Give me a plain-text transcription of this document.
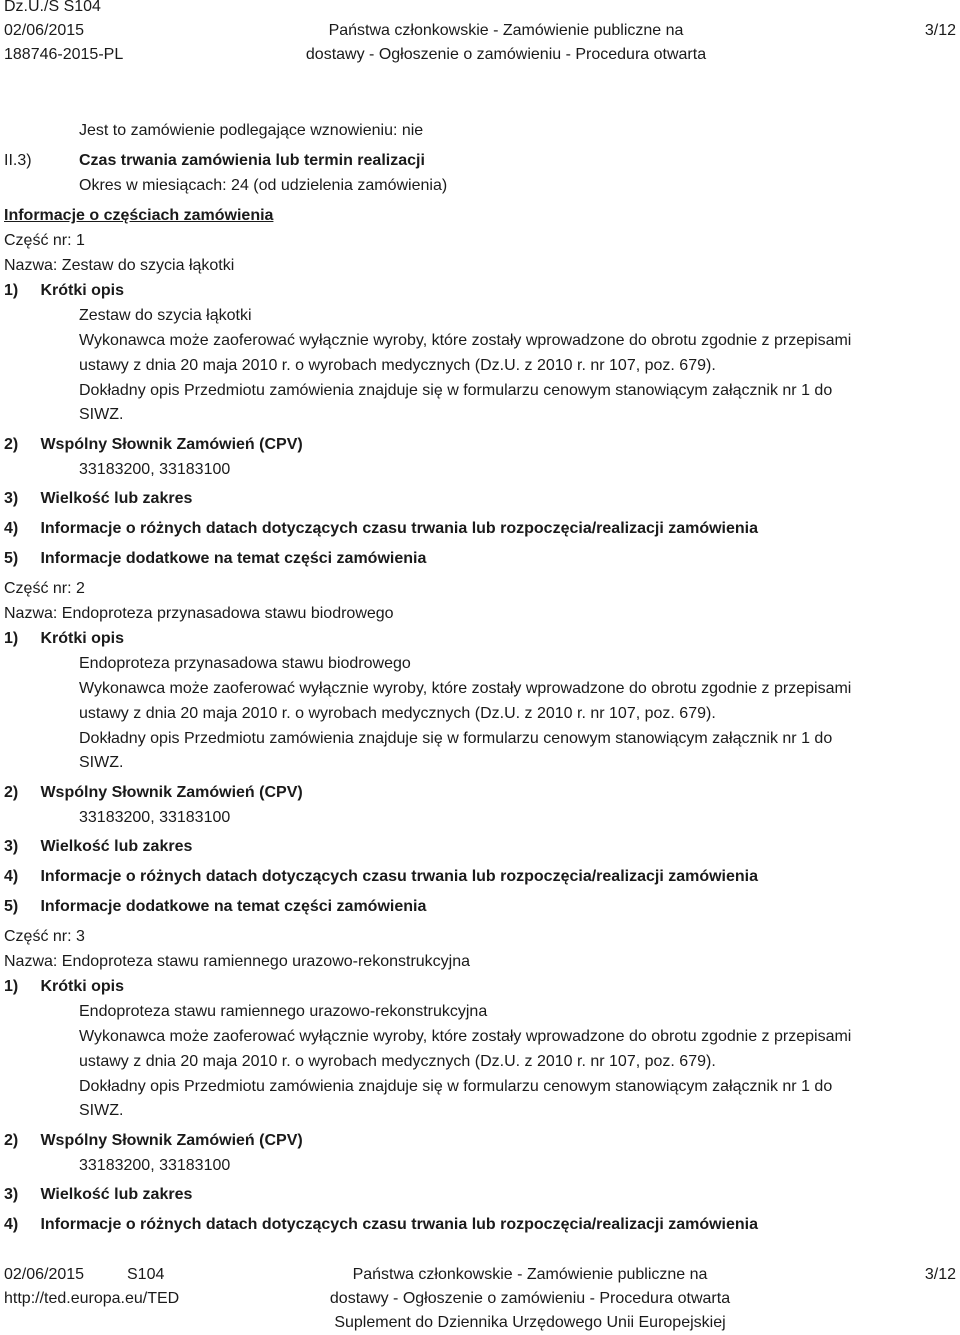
Dz.U./S S104
02/06/2015
188746-2015-PL
Państwa członkowskie - Zamówienie publiczne na
dostawy - Ogłoszenie o zamówieniu - Procedura otwarta
3/12
Jest to zamówienie podlegające wznowieniu: nie
II.3)	Czas trwania zamówienia lub termin realizacji
Okres w miesiącach: 24 (od udzielenia zamówienia)
Informacje o częściach zamówienia
Część nr: 1
Nazwa: Zestaw do szycia łąkotki
1)     Krótki opis
Zestaw do szycia łąkotki
Wykonawca może zaoferować wyłącznie wyroby, które zostały wprowadzone do obrotu zgodnie z przepisami
ustawy z dnia 20 maja 2010 r. o wyrobach medycznych (Dz.U. z 2010 r. nr 107, poz. 679).
Dokładny opis Przedmiotu zamówienia znajduje się w formularzu cenowym stanowiącym załącznik nr 1 do
SIWZ.
2)     Wspólny Słownik Zamówień (CPV)
33183200, 33183100
3)     Wielkość lub zakres
4)     Informacje o różnych datach dotyczących czasu trwania lub rozpoczęcia/realizacji zamówienia
5)     Informacje dodatkowe na temat części zamówienia
Część nr: 2
Nazwa: Endoproteza przynasadowa stawu biodrowego
1)     Krótki opis
Endoproteza przynasadowa stawu biodrowego
Wykonawca może zaoferować wyłącznie wyroby, które zostały wprowadzone do obrotu zgodnie z przepisami
ustawy z dnia 20 maja 2010 r. o wyrobach medycznych (Dz.U. z 2010 r. nr 107, poz. 679).
Dokładny opis Przedmiotu zamówienia znajduje się w formularzu cenowym stanowiącym załącznik nr 1 do
SIWZ.
2)     Wspólny Słownik Zamówień (CPV)
33183200, 33183100
3)     Wielkość lub zakres
4)     Informacje o różnych datach dotyczących czasu trwania lub rozpoczęcia/realizacji zamówienia
5)     Informacje dodatkowe na temat części zamówienia
Część nr: 3
Nazwa: Endoproteza stawu ramiennego urazowo-rekonstrukcyjna
1)     Krótki opis
Endoproteza stawu ramiennego urazowo-rekonstrukcyjna
Wykonawca może zaoferować wyłącznie wyroby, które zostały wprowadzone do obrotu zgodnie z przepisami
ustawy z dnia 20 maja 2010 r. o wyrobach medycznych (Dz.U. z 2010 r. nr 107, poz. 679).
Dokładny opis Przedmiotu zamówienia znajduje się w formularzu cenowym stanowiącym załącznik nr 1 do
SIWZ.
2)     Wspólny Słownik Zamówień (CPV)
33183200, 33183100
3)     Wielkość lub zakres
4)     Informacje o różnych datach dotyczących czasu trwania lub rozpoczęcia/realizacji zamówienia
02/06/2015	S104
http://ted.europa.eu/TED
Państwa członkowskie - Zamówienie publiczne na
dostawy - Ogłoszenie o zamówieniu - Procedura otwarta
Suplement do Dziennika Urzędowego Unii Europejskiej
3/12
